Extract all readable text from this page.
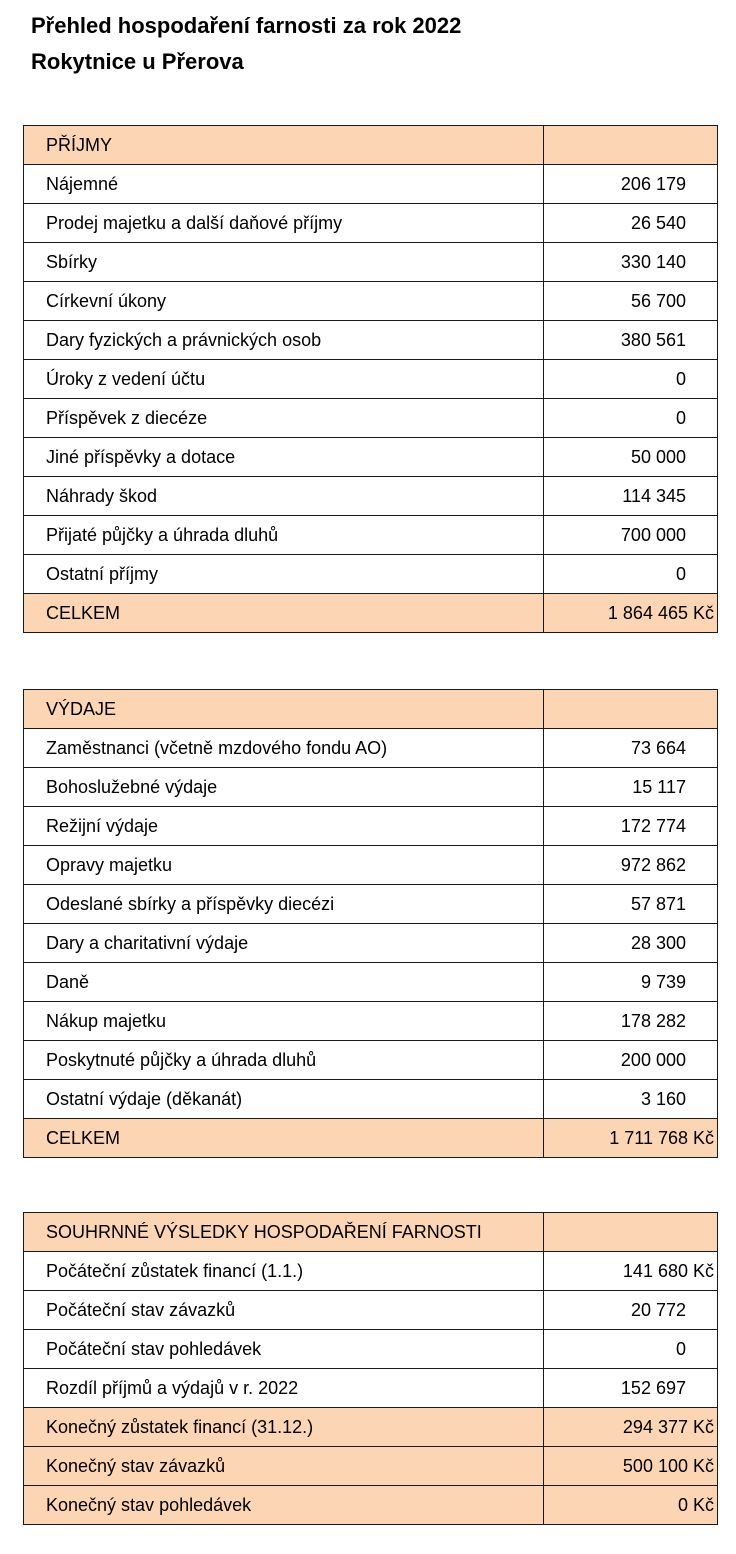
Přehled hospodaření farnosti za rok 2022
Rokytnice u Přerova
PŘÍJMY	
Nájemné	206 179
Prodej majetku a další daňové příjmy	26 540
Sbírky	330 140
Církevní úkony	56 700
Dary fyzických a právnických osob	380 561
Úroky z vedení účtu	0
Příspěvek z diecéze	0
Jiné příspěvky a dotace	50 000
Náhrady škod	114 345
Přijaté půjčky a úhrada dluhů	700 000
Ostatní příjmy	0
CELKEM	1 864 465 Kč
VÝDAJE	
Zaměstnanci (včetně mzdového fondu AO)	73 664
Bohoslužebné výdaje	15 117
Režijní výdaje	172 774
Opravy majetku	972 862
Odeslané sbírky a příspěvky diecézi	57 871
Dary a charitativní výdaje	28 300
Daně	9 739
Nákup majetku	178 282
Poskytnuté půjčky a úhrada dluhů	200 000
Ostatní výdaje (děkanát)	3 160
CELKEM	1 711 768 Kč
SOUHRNNÉ VÝSLEDKY HOSPODAŘENÍ FARNOSTI	
Počáteční zůstatek financí (1.1.)	141 680 Kč
Počáteční stav závazků	20 772
Počáteční stav pohledávek	0
Rozdíl příjmů a výdajů v r. 2022	152 697
Konečný zůstatek financí (31.12.)	294 377 Kč
Konečný stav závazků	500 100 Kč
Konečný stav pohledávek	0 Kč
